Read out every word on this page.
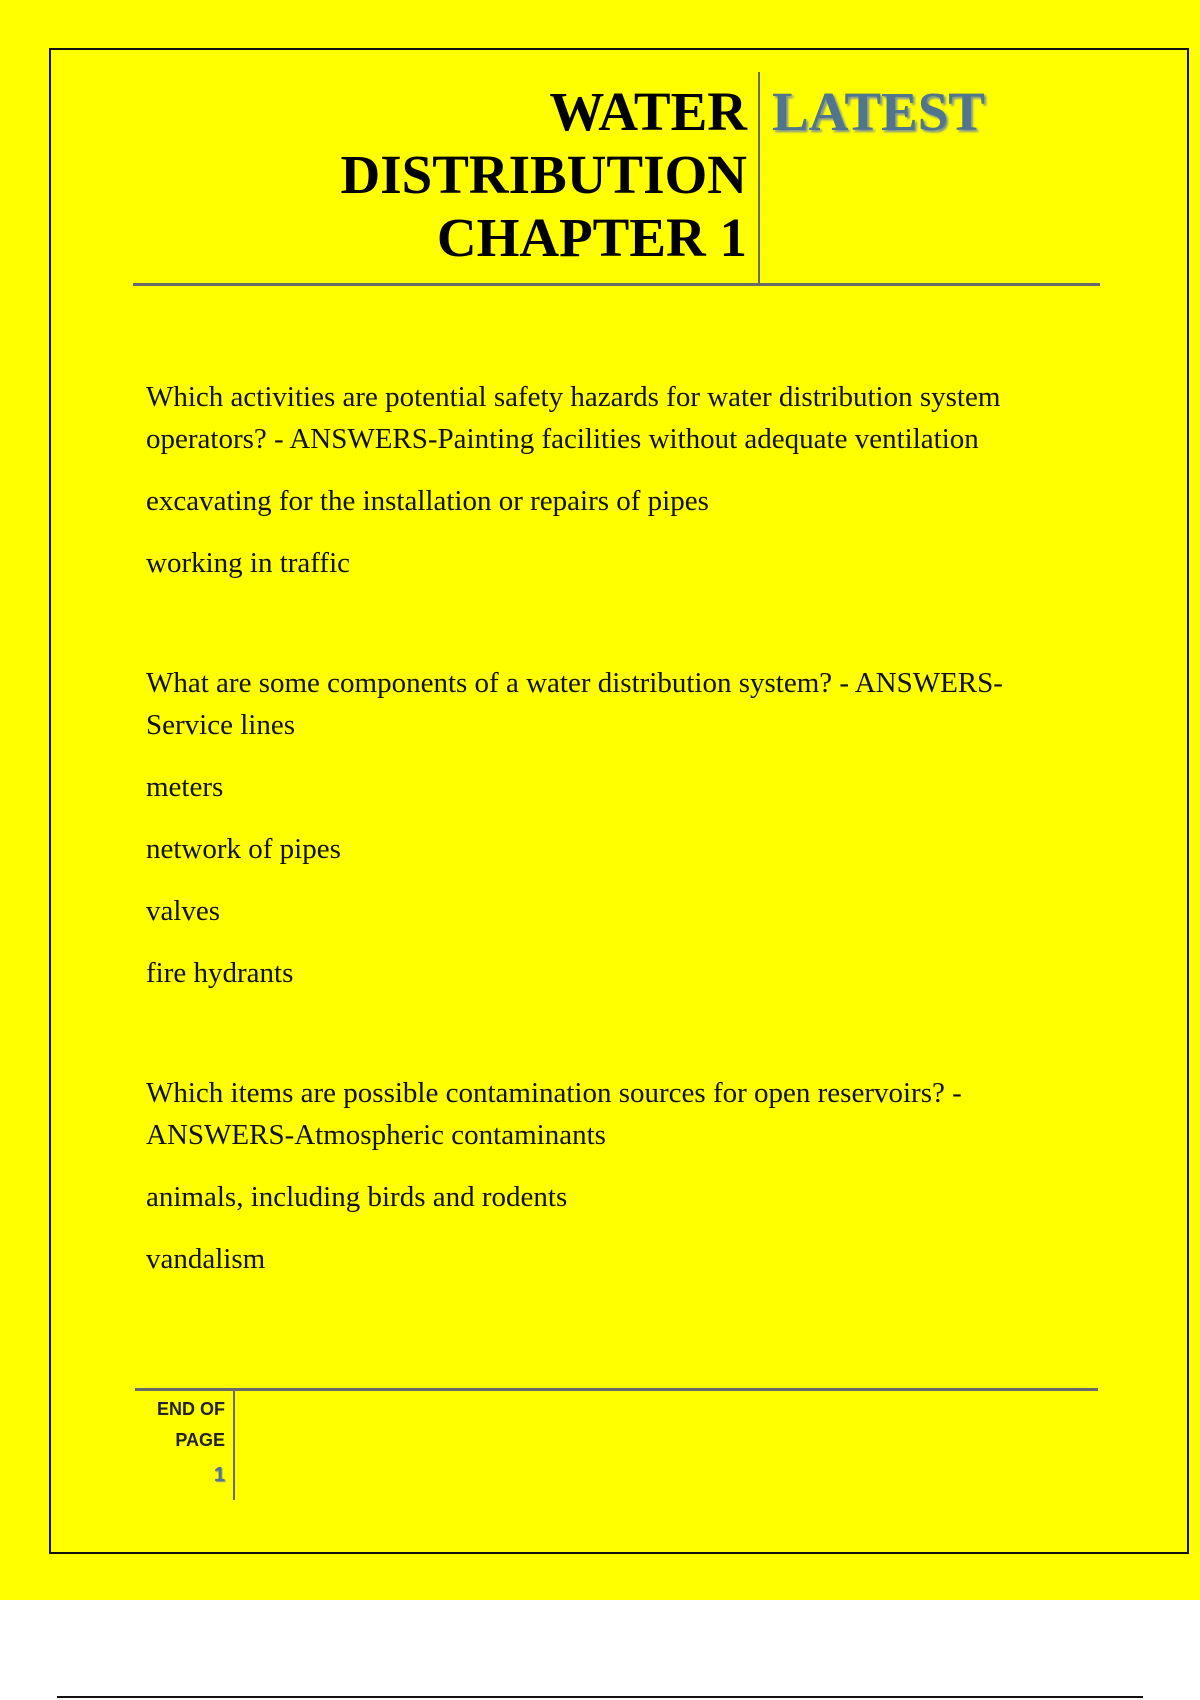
WATER
DISTRIBUTION
CHAPTER 1
LATEST

Which activities are potential safety hazards for water distribution system operators? - ANSWERS-Painting facilities without adequate ventilation

excavating for the installation or repairs of pipes

working in traffic

What are some components of a water distribution system? - ANSWERS-Service lines

meters

network of pipes

valves

fire hydrants

Which items are possible contamination sources for open reservoirs? - ANSWERS-Atmospheric contaminants

animals, including birds and rodents

vandalism

END OF
PAGE
1
